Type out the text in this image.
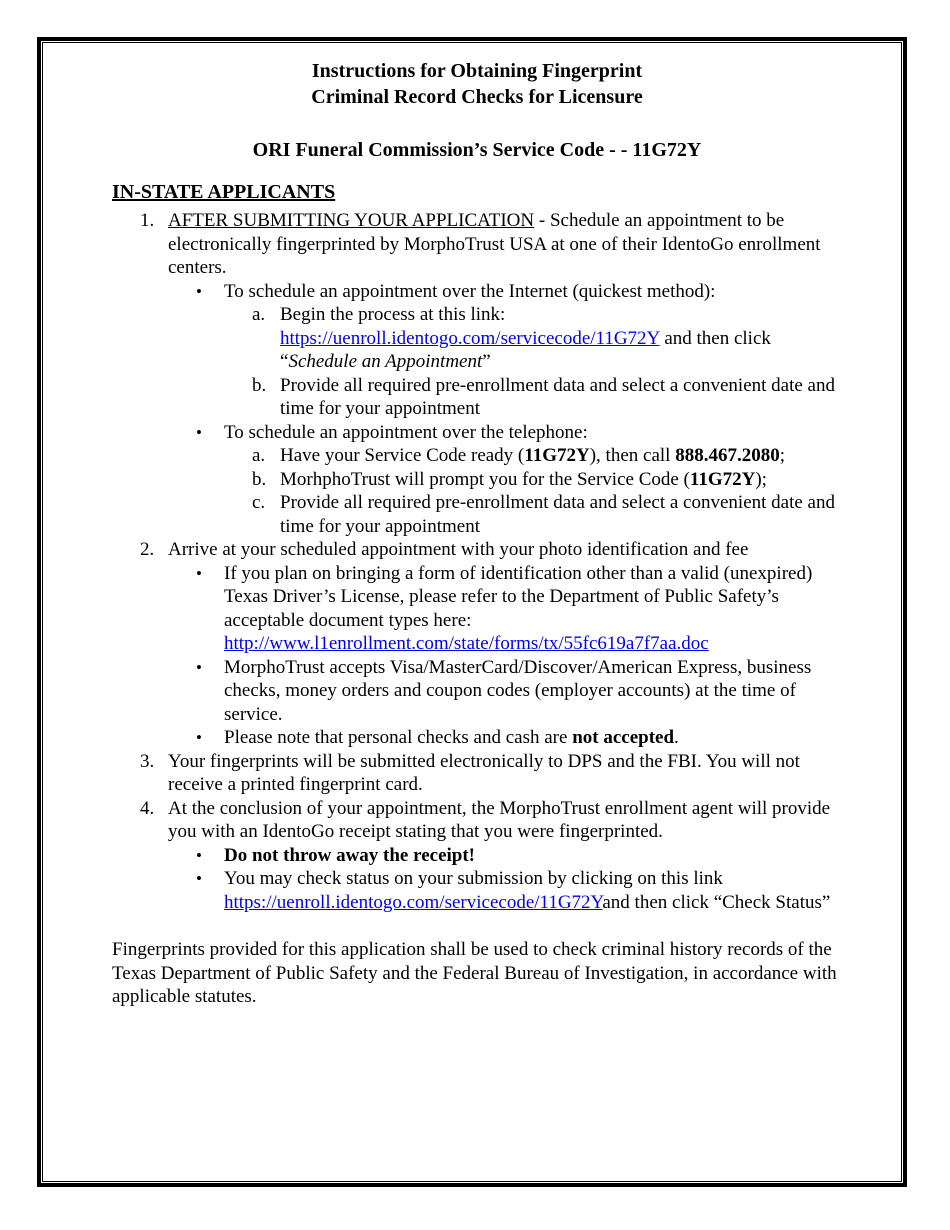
Instructions for Obtaining Fingerprint
Criminal Record Checks for Licensure
ORI Funeral Commission’s Service Code - - 11G72Y
IN-STATE APPLICANTS
1. AFTER SUBMITTING YOUR APPLICATION - Schedule an appointment to be electronically fingerprinted by MorphoTrust USA at one of their IdentoGo enrollment centers.
• To schedule an appointment over the Internet (quickest method):
a. Begin the process at this link:
https://uenroll.identogo.com/servicecode/11G72Y and then click “Schedule an Appointment”
b. Provide all required pre-enrollment data and select a convenient date and time for your appointment
• To schedule an appointment over the telephone:
a. Have your Service Code ready (11G72Y), then call 888.467.2080;
b. MorhphoTrust will prompt you for the Service Code (11G72Y);
c. Provide all required pre-enrollment data and select a convenient date and time for your appointment
2. Arrive at your scheduled appointment with your photo identification and fee
• If you plan on bringing a form of identification other than a valid (unexpired) Texas Driver’s License, please refer to the Department of Public Safety’s acceptable document types here:
http://www.l1enrollment.com/state/forms/tx/55fc619a7f7aa.doc
• MorphoTrust accepts Visa/MasterCard/Discover/American Express, business checks, money orders and coupon codes (employer accounts) at the time of service.
• Please note that personal checks and cash are not accepted.
3. Your fingerprints will be submitted electronically to DPS and the FBI. You will not receive a printed fingerprint card.
4. At the conclusion of your appointment, the MorphoTrust enrollment agent will provide you with an IdentoGo receipt stating that you were fingerprinted.
• Do not throw away the receipt!
• You may check status on your submission by clicking on this link
https://uenroll.identogo.com/servicecode/11G72Yand then click “Check Status”

Fingerprints provided for this application shall be used to check criminal history records of the Texas Department of Public Safety and the Federal Bureau of Investigation, in accordance with applicable statutes.
